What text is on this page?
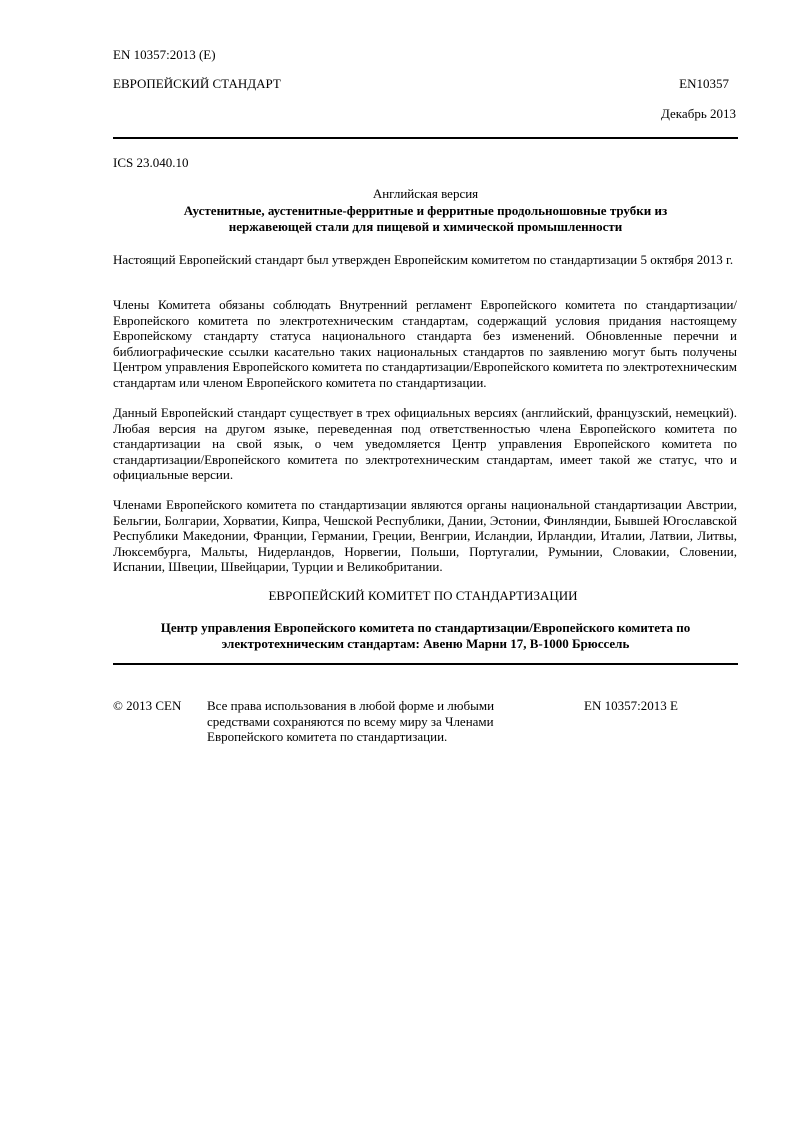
EN 10357:2013 (E)
ЕВРОПЕЙСКИЙ СТАНДАРТ	EN10357
Декабрь 2013
ICS 23.040.10
Английская версия
Аустенитные, аустенитные-ферритные и ферритные продольношовные трубки из
нержавеющей стали для пищевой и химической промышленности
Настоящий Европейский стандарт был утвержден Европейским комитетом по стандартизации 5 октября 2013 г.
Члены Комитета обязаны соблюдать Внутренний регламент Европейского комитета по стандартизации/Европейского комитета по электротехническим стандартам, содержащий условия придания настоящему Европейскому стандарту статуса национального стандарта без изменений. Обновленные перечни и библиографические ссылки касательно таких национальных стандартов по заявлению могут быть получены Центром управления Европейского комитета по стандартизации/Европейского комитета по электротехническим стандартам или членом Европейского комитета по стандартизации.
Данный Европейский стандарт существует в трех официальных версиях (английский, французский, немецкий). Любая версия на другом языке, переведенная под ответственностью члена Европейского комитета по стандартизации на свой язык, о чем уведомляется Центр управления Европейского комитета по стандартизации/Европейского комитета по электротехническим стандартам, имеет такой же статус, что и официальные версии.
Членами Европейского комитета по стандартизации являются органы национальной стандартизации Австрии, Бельгии, Болгарии, Хорватии, Кипра, Чешской Республики, Дании, Эстонии, Финляндии, Бывшей Югославской Республики Македонии, Франции, Германии, Греции, Венгрии, Исландии, Ирландии, Италии, Латвии, Литвы, Люксембурга, Мальты, Нидерландов, Норвегии, Польши, Португалии, Румынии, Словакии, Словении, Испании, Швеции, Швейцарии, Турции и Великобритании.
ЕВРОПЕЙСКИЙ КОМИТЕТ ПО СТАНДАРТИЗАЦИИ
Центр управления Европейского комитета по стандартизации/Европейского комитета по
электротехническим стандартам: Авеню Марни 17, B-1000 Брюссель
© 2013 CEN Все права использования в любой форме и любыми
средствами сохраняются по всему миру за Членами
Европейского комитета по стандартизации.
EN 10357:2013 E
